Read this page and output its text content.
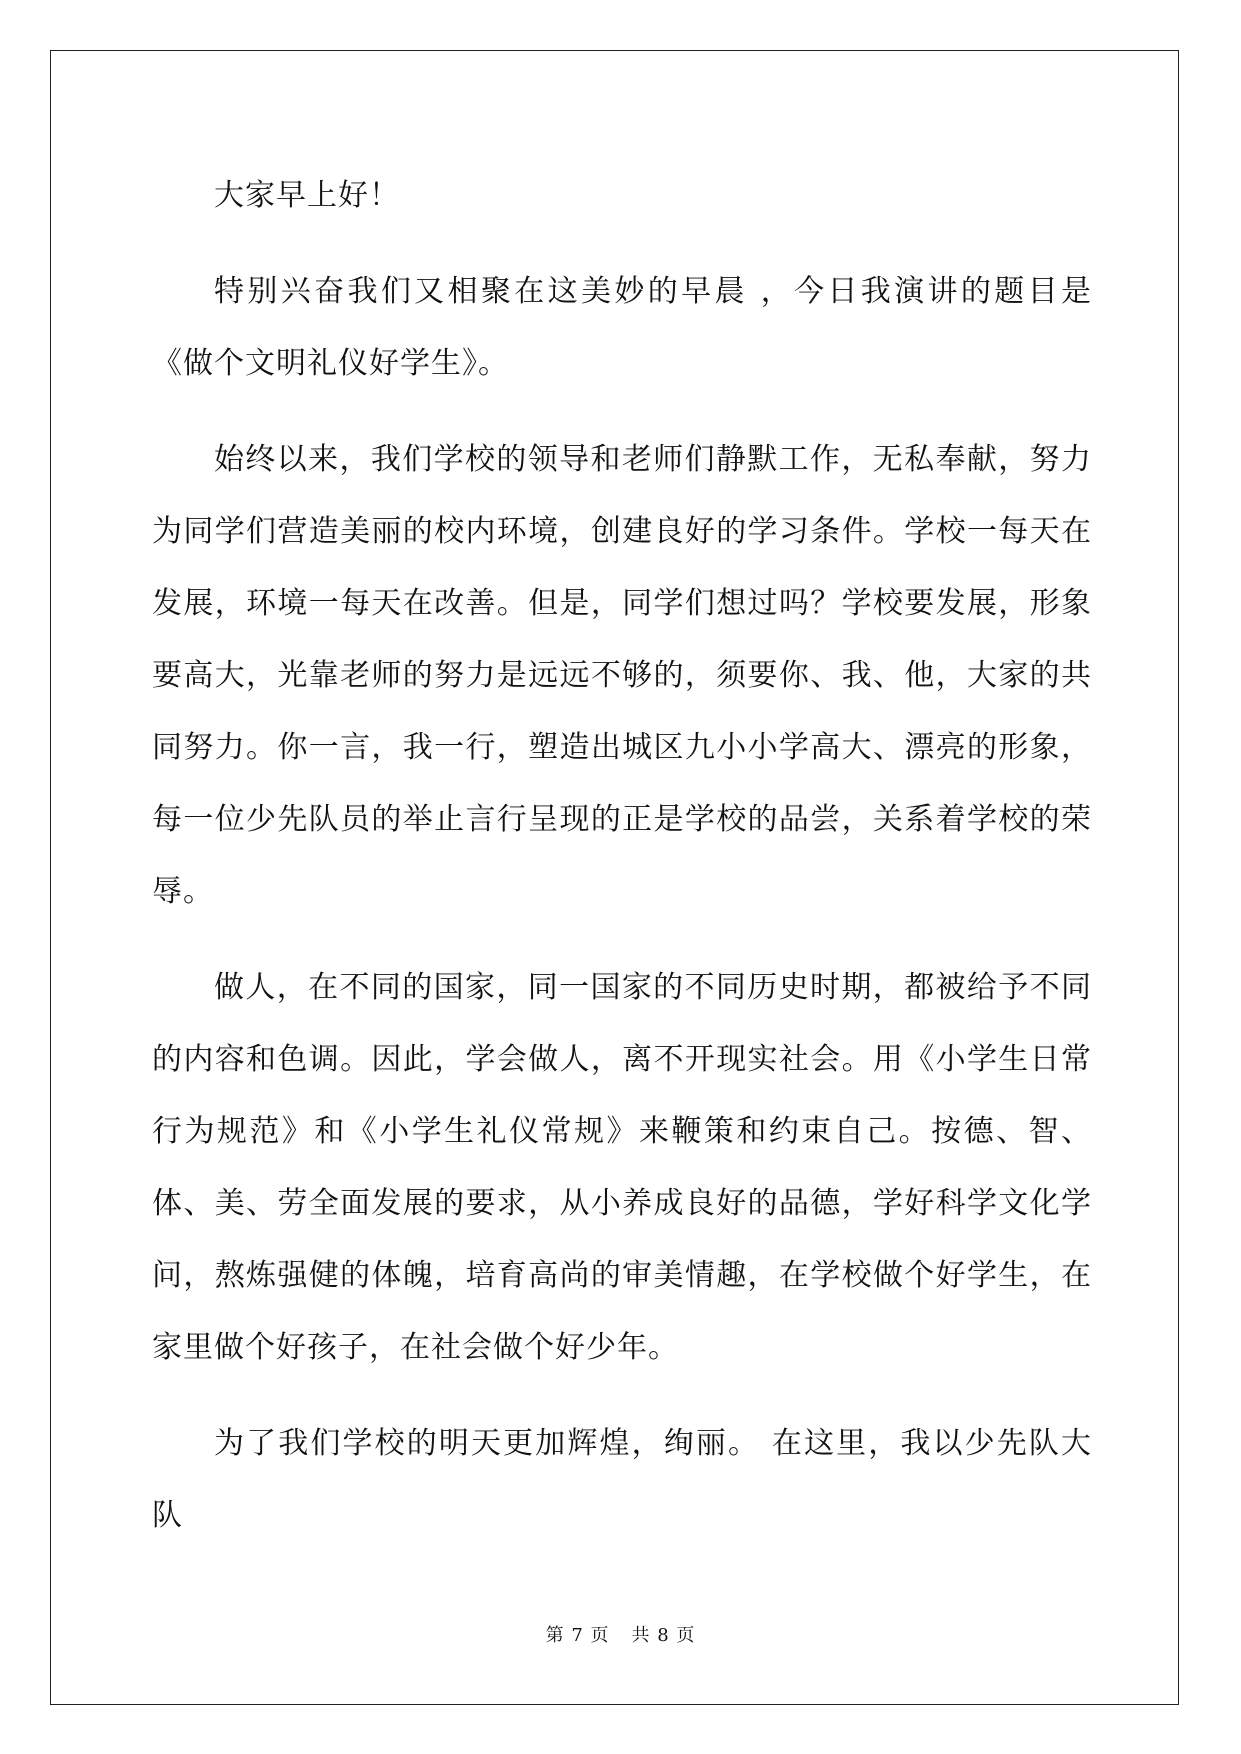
大家早上好！

特别兴奋我们又相聚在这美妙的早晨 ，今日我演讲的题目是《做个文明礼仪好学生》。

始终以来，我们学校的领导和老师们静默工作，无私奉献，努力为同学们营造美丽的校内环境，创建良好的学习条件。学校一每天在发展，环境一每天在改善。但是，同学们想过吗？学校要发展，形象要高大，光靠老师的努力是远远不够的，须要你、我、他，大家的共同努力。你一言，我一行，塑造出城区九小小学高大、漂亮的形象，每一位少先队员的举止言行呈现的正是学校的品尝，关系着学校的荣辱。

做人，在不同的国家，同一国家的不同历史时期，都被给予不同的内容和色调。因此，学会做人，离不开现实社会。用《小学生日常行为规范》和《小学生礼仪常规》来鞭策和约束自己。按德、智、体、美、劳全面发展的要求，从小养成良好的品德，学好科学文化学问，熬炼强健的体魄，培育高尚的审美情趣，在学校做个好学生，在家里做个好孩子，在社会做个好少年。

为了我们学校的明天更加辉煌，绚丽。 在这里，我以少先队大队

第 7 页 共 8 页
